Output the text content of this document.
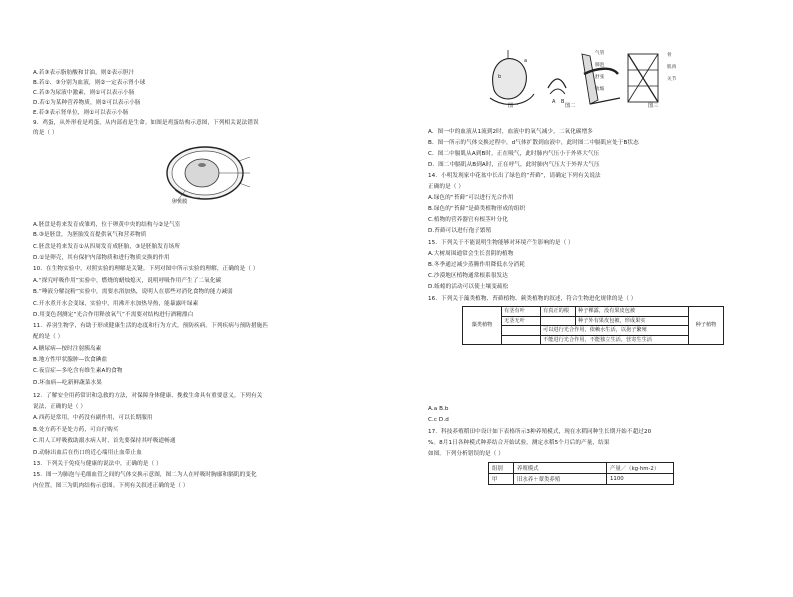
A.若③表示脂肪酸和甘油，则②表示胆汁
B.若①、③分别为血液，则②一定表示肾小球
C.若③为尿液中激素，则①可以表示小肠
D.若①为某种营养物质，则②可以表示小肠
E.若③表示肾单位，则①可以表示小肠
9．鸡蛋，从外形看是鸡蛋，从内部看是生命。如图是鸡蛋结构示意图，下列相关说法错误
的是（ ）
卵黄膜
A.胚盘是将来发育成雏鸡，位于卵黄中央的结构与②是气室
B.③是胚盘，为胚胎发育提供氧气和营养物质
C.胚盘是将来发育①从四周发育成胚胎，③是胚胎发育场所
D.①是卵壳，其有保护内部物质和进行物质交换的作用
10．在生物实验中，对照实验的理解是关键。下列对图中所示实验的理解，正确的是（ ）
A.“探究呼吸作用”实验中，燃烧的蜡烛熄灭，说明呼吸作用产生了二氧化碳
B.“唾液分解淀粉”实验中，需要水浴加热，说明人在那些对消化食物的能力减弱
C.开水煮开水会变绿，实验中，用沸开水加热导热，能暴露叶绿素
D.用变色剂测定“光合作用释放氧气”不需要对结构进行酒精漂白
11．养羽生物学，有助于形成健康生活的态度和行为方式，预防疾病。下列疾病与预防措施匹
配的是（ ）
A.糖尿病—按时注射胰岛素
B.地方性甲状腺肿—饮食碘盐
C.夜盲症—多吃含有维生素A的食物
D.坏血病—吃新鲜蔬菜水果
12．了解安全用药常识和急救的方法，对保障身体健康、挽救生命具有重要意义。下列有关
说法，正确的是（ ）
A.西药是常用，中药没有副作用，可以长期服用
B.处方药不是处方药，可自行购买
C.用人工呼吸救助溺水病人时，首先要保持其呼吸道畅通
D.动脉出血后在伤口的近心端用止血带止血
13．下列关于免疫与健康的说法中，正确的是（ ）
15．图一为肺泡与毛细血管之间的气体交换示意图，图二为人在呼吸时胸廓和膈肌的变化
内位置，图三为肌肉结构示意图。下列有关叙述正确的是（ ）
a
b
A B
气管
肺泡
舒张
收缩
骨
肌肉
关节
图一	图二	图三
A．图一中的血液从1流到2时，血液中的氧气减少，二氧化碳增多
B．图一所示的气体交换过程中，d气体扩散到血液中，此时图二中膈肌应处于B状态
C．图二中膈肌从A到B时，正在吸气，此时肺内气压小于外界大气压
D．图二中膈肌从B到A时，正在呼气，此时肺内气压大于外界大气压
14．小明发现家中花盆中长出了绿色的“苔藓”，请确定下列有关说法
正确的是（ ）
A.绿色的“苔藓”可以进行光合作用
B.绿色的“苔藓”是藓类植物形成的组织
C.植物的营养器官有根茎叶分化
D.苔藓可以进行孢子繁殖
15．下列关于不能说明生物能够对环境产生影响的是（ ）
A.大树周围通常会生长喜阴的植物
B.冬季通过减少蒸腾作用降低水分消耗
C.沙漠地区植物通常根系很发达
D.蚯蚓的活动可以使土壤变疏松
16．下列关于藻类植物、苔藓植物、蕨类植物的叙述，符合生物进化规律的是（ ）
藻类植物	有茎有叶	有真正的根	种子裸露，没有果皮包被	种子植物
	无茎无叶		种子外有果皮包被，形成果实	
		可以进行光合作用，依赖水生活，以孢子繁殖		
		不能进行光合作用，不能独立生活，营寄生生活		
A.a B.b
C.c D.d
17．科技养殖稻田中设计如下表格所示3种养殖模式，现在水稻同种生长期开始不超过20
%。8月1日各种模式种养结合开始试验，测定水稻5个月后的产量，结果
如图。下列分析错误的是（ ）
组别	养殖模式	产量／（kg·hm-2）
甲	旧水养＋蕈类养殖	1100
